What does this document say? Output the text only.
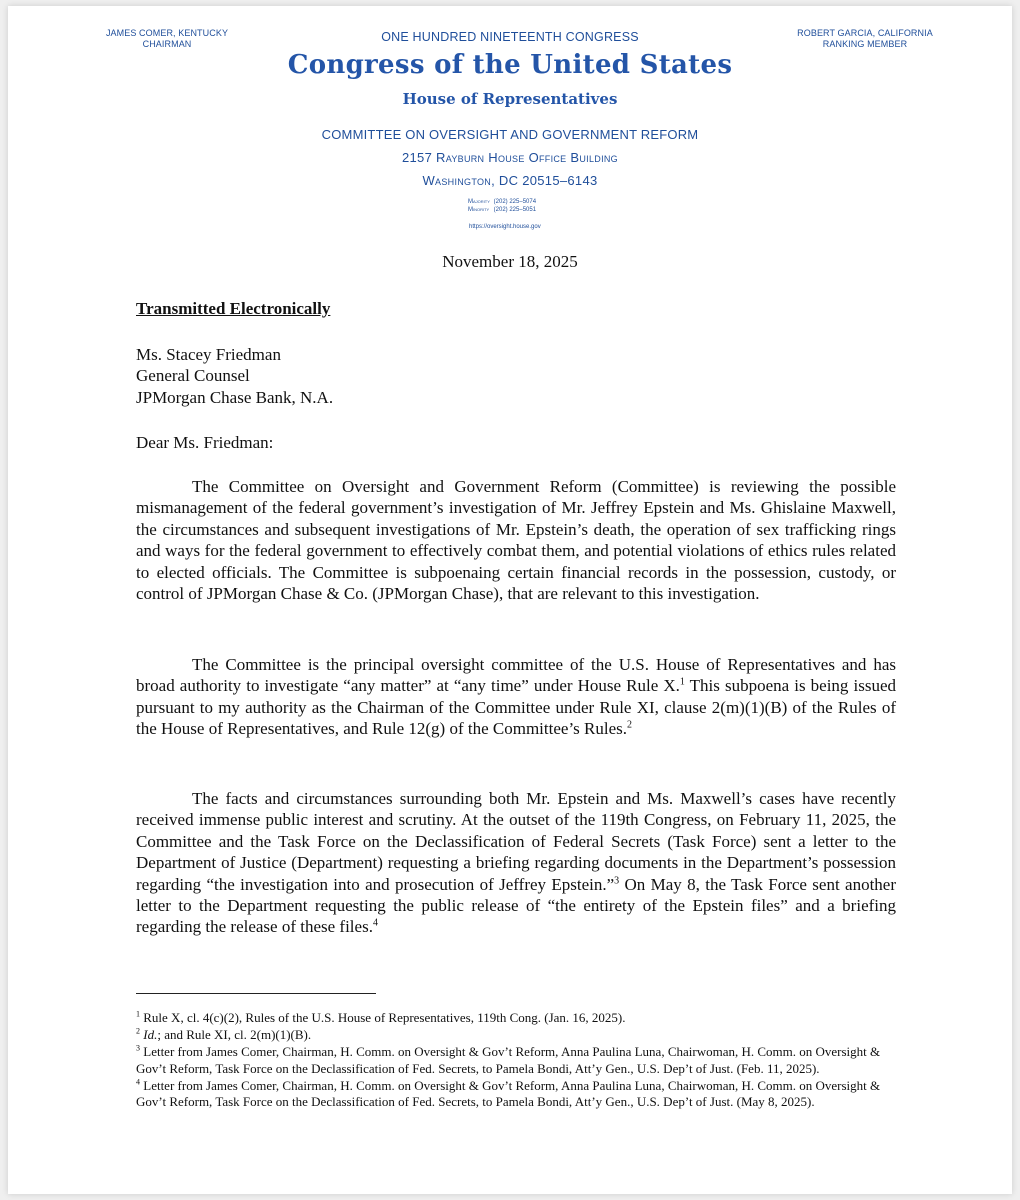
JAMES COMER, KENTUCKY
CHAIRMAN
ROBERT GARCIA, CALIFORNIA
RANKING MEMBER
ONE HUNDRED NINETEENTH CONGRESS
Congress of the United States
House of Representatives
COMMITTEE ON OVERSIGHT AND GOVERNMENT REFORM
2157 Rayburn House Office Building
Washington, DC 20515–6143
Majority (202) 225–5074
Minority (202) 225–5051
https://oversight.house.gov
November 18, 2025
Transmitted Electronically
Ms. Stacey Friedman
General Counsel
JPMorgan Chase Bank, N.A.
Dear Ms. Friedman:
The Committee on Oversight and Government Reform (Committee) is reviewing the possible mismanagement of the federal government’s investigation of Mr. Jeffrey Epstein and Ms. Ghislaine Maxwell, the circumstances and subsequent investigations of Mr. Epstein’s death, the operation of sex trafficking rings and ways for the federal government to effectively combat them, and potential violations of ethics rules related to elected officials. The Committee is subpoenaing certain financial records in the possession, custody, or control of JPMorgan Chase & Co. (JPMorgan Chase), that are relevant to this investigation.
The Committee is the principal oversight committee of the U.S. House of Representatives and has broad authority to investigate “any matter” at “any time” under House Rule X.$^1$ This subpoena is being issued pursuant to my authority as the Chairman of the Committee under Rule XI, clause 2(m)(1)(B) of the Rules of the House of Representatives, and Rule 12(g) of the Committee’s Rules.$^2$
The facts and circumstances surrounding both Mr. Epstein and Ms. Maxwell’s cases have recently received immense public interest and scrutiny. At the outset of the 119th Congress, on February 11, 2025, the Committee and the Task Force on the Declassification of Federal Secrets (Task Force) sent a letter to the Department of Justice (Department) requesting a briefing regarding documents in the Department’s possession regarding “the investigation into and prosecution of Jeffrey Epstein.”$^3$ On May 8, the Task Force sent another letter to the Department requesting the public release of “the entirety of the Epstein files” and a briefing regarding the release of these files.$^4$
$^1$ Rule X, cl. 4(c)(2), Rules of the U.S. House of Representatives, 119th Cong. (Jan. 16, 2025).
$^2$ Id.; and Rule XI, cl. 2(m)(1)(B).
$^3$ Letter from James Comer, Chairman, H. Comm. on Oversight & Gov’t Reform, Anna Paulina Luna, Chairwoman, H. Comm. on Oversight & Gov’t Reform, Task Force on the Declassification of Fed. Secrets, to Pamela Bondi, Att’y Gen., U.S. Dep’t of Just. (Feb. 11, 2025).
$^4$ Letter from James Comer, Chairman, H. Comm. on Oversight & Gov’t Reform, Anna Paulina Luna, Chairwoman, H. Comm. on Oversight & Gov’t Reform, Task Force on the Declassification of Fed. Secrets, to Pamela Bondi, Att’y Gen., U.S. Dep’t of Just. (May 8, 2025).
